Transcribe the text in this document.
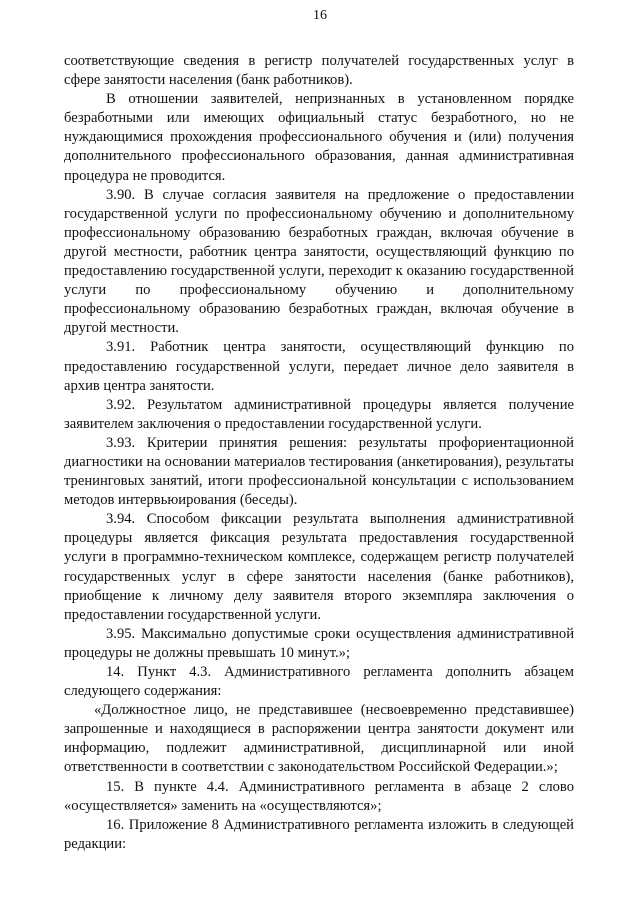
16

соответствующие сведения в регистр получателей государственных услуг в сфере занятости населения (банк работников).

В отношении заявителей, непризнанных в установленном порядке безработными или имеющих официальный статус безработного, но не нуждающимися прохождения профессионального обучения и (или) получения дополнительного профессионального образования, данная административная процедура не проводится.

3.90. В случае согласия заявителя на предложение о предоставлении государственной услуги по профессиональному обучению и дополнительному профессиональному образованию безработных граждан, включая обучение в другой местности, работник центра занятости, осуществляющий функцию по предоставлению государственной услуги, переходит к оказанию государственной услуги по профессиональному обучению и дополнительному профессиональному образованию безработных граждан, включая обучение в другой местности.

3.91. Работник центра занятости, осуществляющий функцию по предоставлению государственной услуги, передает личное дело заявителя в архив центра занятости.

3.92. Результатом административной процедуры является получение заявителем заключения о предоставлении государственной услуги.

3.93. Критерии принятия решения: результаты профориентационной диагностики на основании материалов тестирования (анкетирования), результаты тренинговых занятий, итоги профессиональной консультации с использованием методов интервьюирования (беседы).

3.94. Способом фиксации результата выполнения административной процедуры является фиксация результата предоставления государственной услуги в программно-техническом комплексе, содержащем регистр получателей государственных услуг в сфере занятости населения (банке работников), приобщение к личному делу заявителя второго экземпляра заключения о предоставлении государственной услуги.

3.95. Максимально допустимые сроки осуществления административной процедуры не должны превышать 10 минут.»;

14. Пункт 4.3. Административного регламента дополнить абзацем следующего содержания:

«Должностное лицо, не представившее (несвоевременно представившее) запрошенные и находящиеся в распоряжении центра занятости документ или информацию, подлежит административной, дисциплинарной или иной ответственности в соответствии с законодательством Российской Федерации.»;

15. В пункте 4.4. Административного регламента в абзаце 2 слово «осуществляется» заменить на «осуществляются»;

16. Приложение 8 Административного регламента изложить в следующей редакции:
